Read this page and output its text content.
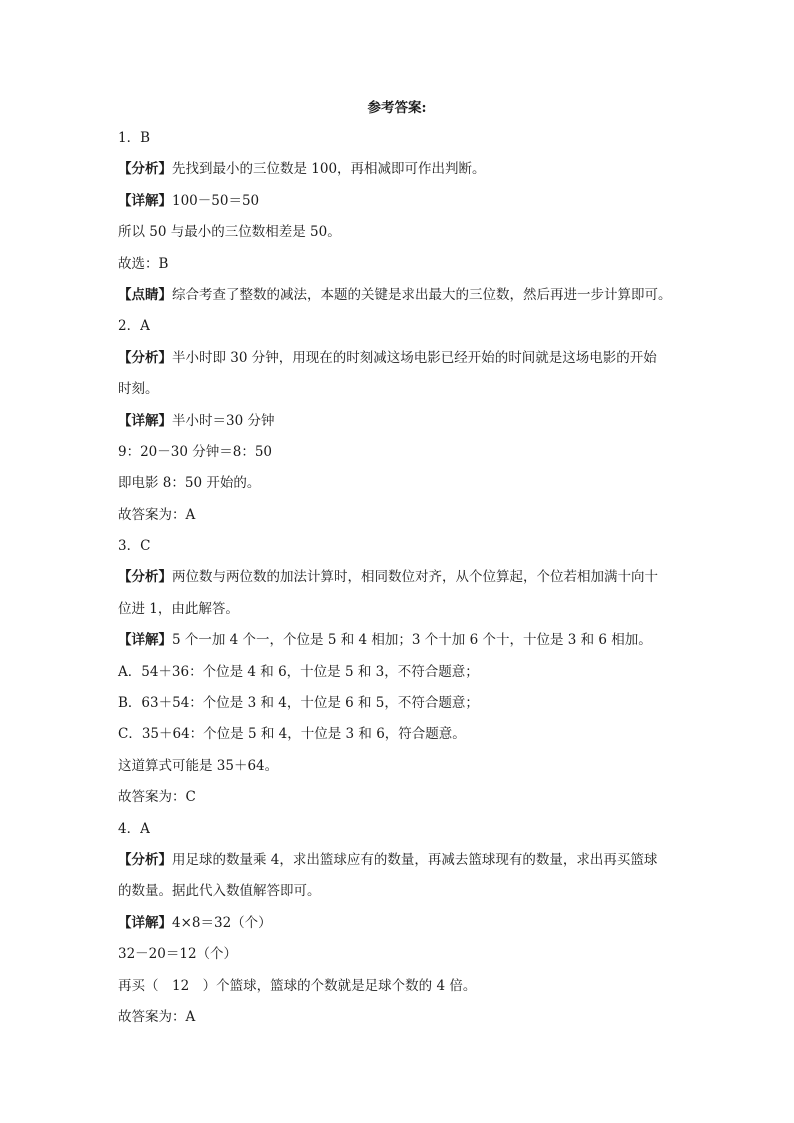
参考答案:
1．B
【分析】先找到最小的三位数是 100，再相减即可作出判断。
【详解】100－50＝50
所以 50 与最小的三位数相差是 50。
故选：B
【点睛】综合考查了整数的减法，本题的关键是求出最大的三位数，然后再进一步计算即可。
2．A
【分析】半小时即 30 分钟，用现在的时刻减这场电影已经开始的时间就是这场电影的开始
时刻。
【详解】半小时＝30 分钟
9：20－30 分钟＝8：50
即电影 8：50 开始的。
故答案为：A
3．C
【分析】两位数与两位数的加法计算时，相同数位对齐，从个位算起，个位若相加满十向十
位进 1，由此解答。
【详解】5 个一加 4 个一，个位是 5 和 4 相加；3 个十加 6 个十，十位是 3 和 6 相加。
A．54＋36：个位是 4 和 6，十位是 5 和 3，不符合题意；
B．63＋54：个位是 3 和 4，十位是 6 和 5，不符合题意；
C．35＋64：个位是 5 和 4，十位是 3 和 6，符合题意。
这道算式可能是 35＋64。
故答案为：C
4．A
【分析】用足球的数量乘 4，求出篮球应有的数量，再减去篮球现有的数量，求出再买篮球
的数量。据此代入数值解答即可。
【详解】4×8＝32（个）
32－20＝12（个）
再买（　12　）个篮球，篮球的个数就是足球个数的 4 倍。
故答案为：A
